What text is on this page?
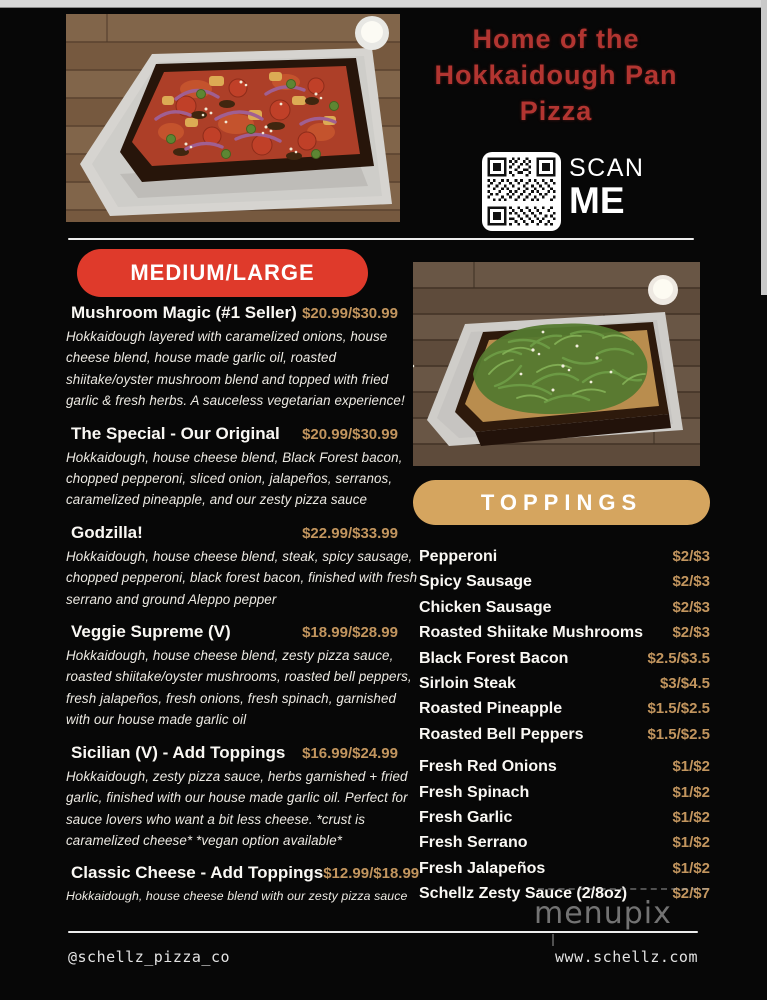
Home of the
Hokkaidough Pan
Pizza
SCAN
ME
MEDIUM/LARGE
Mushroom Magic (#1 Seller) $20.99/$30.99
Hokkaidough layered with caramelized onions, house cheese blend, house made garlic oil, roasted shiitake/oyster mushroom blend and topped with fried garlic & fresh herbs. A sauceless vegetarian experience!
The Special - Our Original $20.99/$30.99
Hokkaidough, house cheese blend, Black Forest bacon, chopped pepperoni, sliced onion, jalapeños, serranos, caramelized pineapple, and our zesty pizza sauce
Godzilla!	$22.99/$33.99
Hokkaidough, house cheese blend, steak, spicy sausage, chopped pepperoni, black forest bacon, finished with fresh serrano and ground Aleppo pepper
Veggie Supreme (V)	$18.99/$28.99
Hokkaidough, house cheese blend, zesty pizza sauce, roasted shiitake/oyster mushrooms, roasted bell peppers, fresh jalapeños, fresh onions, fresh spinach, garnished with our house made garlic oil
Sicilian (V) - Add Toppings $16.99/$24.99
Hokkaidough, zesty pizza sauce, herbs garnished + fried garlic, finished with our house made garlic oil. Perfect for sauce lovers who want a bit less cheese. *crust is caramelized cheese* *vegan option available*
Classic Cheese - Add Toppings $12.99/$18.99
Hokkaidough, house cheese blend with our zesty pizza sauce
TOPPINGS
Pepperoni	$2/$3
Spicy Sausage	$2/$3
Chicken Sausage	$2/$3
Roasted Shiitake Mushrooms $2/$3
Black Forest Bacon	$2.5/$3.5
Sirloin Steak	$3/$4.5
Roasted Pineapple	$1.5/$2.5
Roasted Bell Peppers	$1.5/$2.5
Fresh Red Onions	$1/$2
Fresh Spinach	$1/$2
Fresh Garlic	$1/$2
Fresh Serrano	$1/$2
Fresh Jalapeños	$1/$2
Schellz Zesty Sauce (2/8oz)	$2/$7
menupix
@schellz_pizza_co	www.schellz.com
